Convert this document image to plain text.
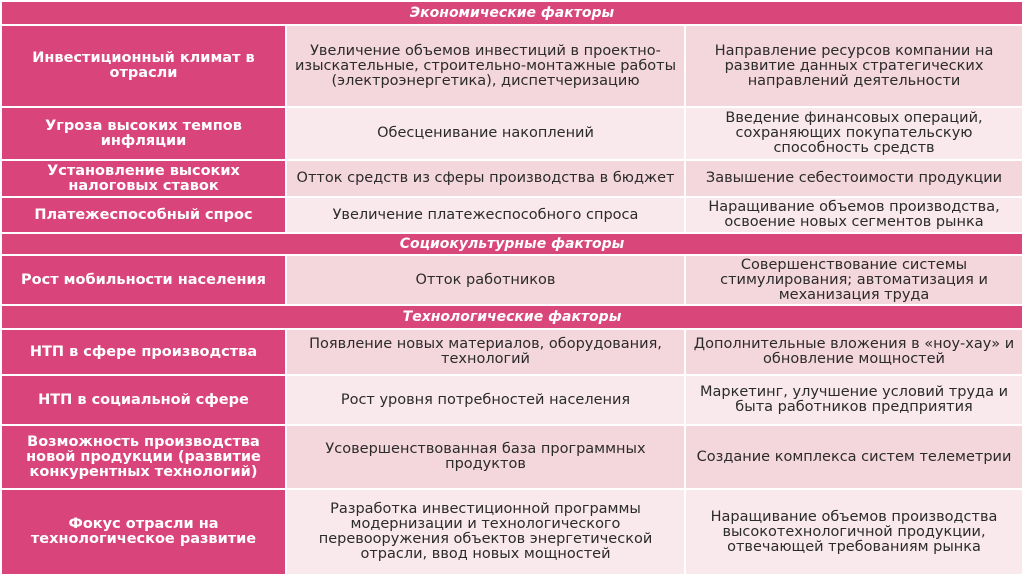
Экономические факторы		
Инвестиционный климат в отрасли	Увеличение объемов инвестиций в проектно-изыскательные, строительно-монтажные работы (электроэнергетика), диспетчеризацию	Направление ресурсов компании на развитие данных стратегических направлений деятельности
Угроза высоких темпов инфляции	Обесценивание накоплений	Введение финансовых операций, сохраняющих покупательскую способность средств
Установление высоких налоговых ставок	Отток средств из сферы производства в бюджет	Завышение себестоимости продукции
Платежеспособный спрос	Увеличение платежеспособного спроса	Наращивание объемов производства, освоение новых сегментов рынка
Социокультурные факторы		
Рост мобильности населения	Отток работников	Совершенствование системы стимулирования; автоматизация и механизация труда
Технологические факторы		
НТП в сфере производства	Появление новых материалов, оборудования, технологий	Дополнительные вложения в «ноу-хау» и обновление мощностей
НТП в социальной сфере	Рост уровня потребностей населения	Маркетинг, улучшение условий труда и быта работников предприятия
Возможность производства новой продукции (развитие конкурентных технологий)	Усовершенствованная база программных продуктов	Создание комплекса систем телеметрии
Фокус отрасли на технологическое развитие	Разработка инвестиционной программы модернизации и технологического перевооружения объектов энергетической отрасли, ввод новых мощностей	Наращивание объемов производства высокотехнологичной продукции, отвечающей требованиям рынка
